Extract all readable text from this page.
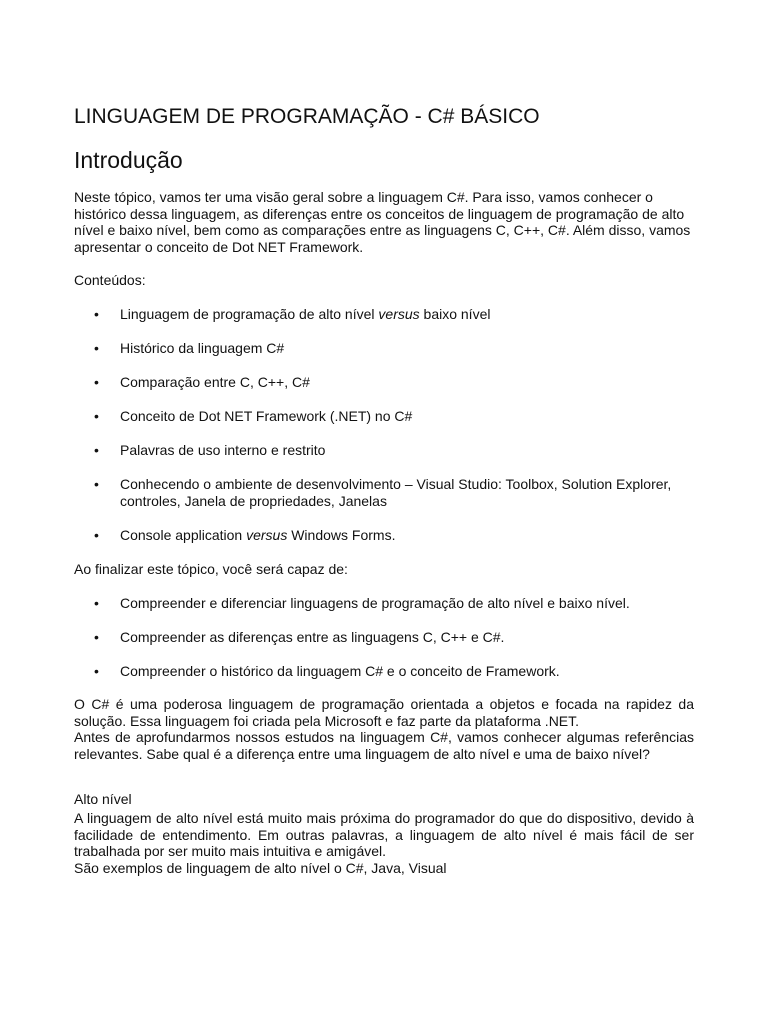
LINGUAGEM DE PROGRAMAÇÃO - C# BÁSICO
Introdução
Neste tópico, vamos ter uma visão geral sobre a linguagem C#. Para isso, vamos conhecer o histórico dessa linguagem, as diferenças entre os conceitos de linguagem de programação de alto nível e baixo nível, bem como as comparações entre as linguagens C, C++, C#. Além disso, vamos apresentar o conceito de Dot NET Framework.
Conteúdos:
•	Linguagem de programação de alto nível versus baixo nível
•	Histórico da linguagem C#
•	Comparação entre C, C++, C#
•	Conceito de Dot NET Framework (.NET) no C#
•	Palavras de uso interno e restrito
•	Conhecendo o ambiente de desenvolvimento – Visual Studio: Toolbox, Solution Explorer, controles, Janela de propriedades, Janelas
•	Console application versus Windows Forms.
Ao finalizar este tópico, você será capaz de:
•	Compreender e diferenciar linguagens de programação de alto nível e baixo nível.
•	Compreender as diferenças entre as linguagens C, C++ e C#.
•	Compreender o histórico da linguagem C# e o conceito de Framework.
O C# é uma poderosa linguagem de programação orientada a objetos e focada na rapidez da solução. Essa linguagem foi criada pela Microsoft e faz parte da plataforma .NET.
Antes de aprofundarmos nossos estudos na linguagem C#, vamos conhecer algumas referências relevantes. Sabe qual é a diferença entre uma linguagem de alto nível e uma de baixo nível?
Alto nível
A linguagem de alto nível está muito mais próxima do programador do que do dispositivo, devido à facilidade de entendimento. Em outras palavras, a linguagem de alto nível é mais fácil de ser trabalhada por ser muito mais intuitiva e amigável.
São exemplos de linguagem de alto nível o C#, Java, Visual
